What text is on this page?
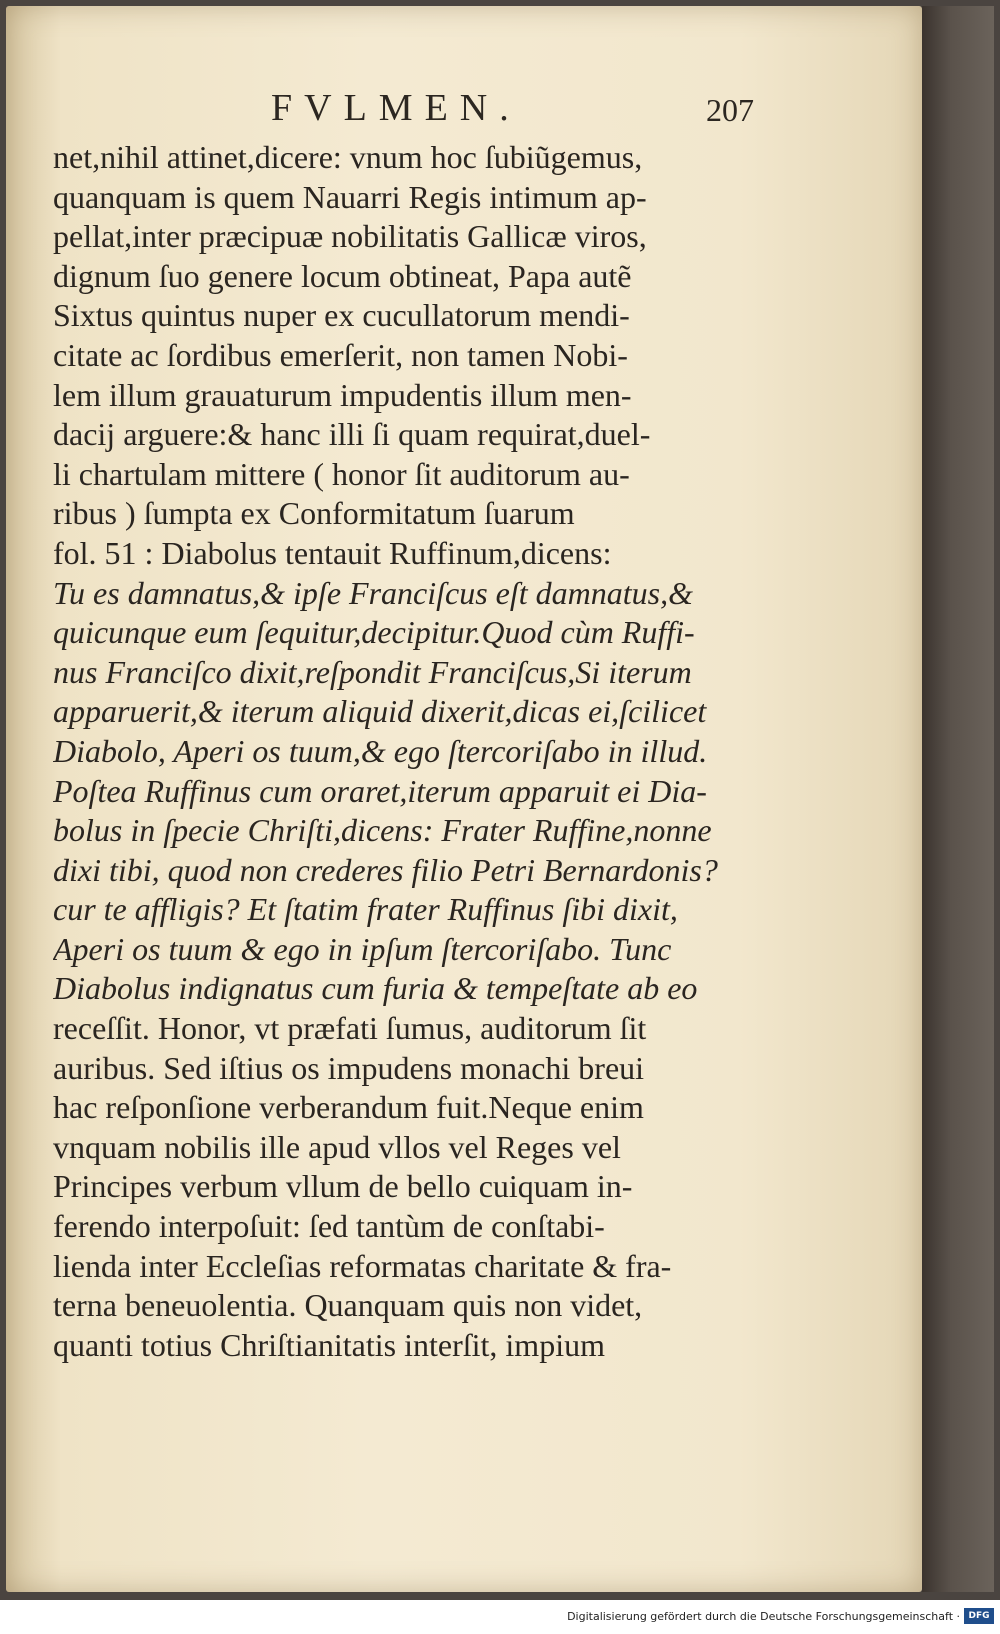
FVLMEN.	207
net,nihil attinet,dicere: vnum hoc ſubiũgemus,
quanquam is quem Nauarri Regis intimum ap-
pellat,inter præcipuæ nobilitatis Gallicæ viros,
dignum ſuo genere locum obtineat, Papa autẽ
Sixtus quintus nuper ex cucullatorum mendi-
citate ac ſordibus emerſerit, non tamen Nobi-
lem illum grauaturum impudentis illum men-
dacij arguere:& hanc illi ſi quam requirat,duel-
li chartulam mittere ( honor ſit auditorum au-
ribus ) ſumpta ex Conformitatum ſuarum
fol. 51 : Diabolus tentauit Ruffinum,dicens:
Tu es damnatus,& ipſe Franciſcus eſt damnatus,&
quicunque eum ſequitur,decipitur.Quod cùm Ruffi-
nus Franciſco dixit,reſpondit Franciſcus,Si iterum
apparuerit,& iterum aliquid dixerit,dicas ei,ſcilicet
Diabolo, Aperi os tuum,& ego ſtercoriſabo in illud.
Poſtea Ruffinus cum oraret,iterum apparuit ei Dia-
bolus in ſpecie Chriſti,dicens: Frater Ruffine,nonne
dixi tibi, quod non crederes filio Petri Bernardonis?
cur te affligis? Et ſtatim frater Ruffinus ſibi dixit,
Aperi os tuum & ego in ipſum ſtercoriſabo. Tunc
Diabolus indignatus cum furia & tempeſtate ab eo
receſſit. Honor, vt præfati ſumus, auditorum ſit
auribus. Sed iſtius os impudens monachi breui
hac reſponſione verberandum fuit.Neque enim
vnquam nobilis ille apud vllos vel Reges vel
Principes verbum vllum de bello cuiquam in-
ferendo interpoſuit: ſed tantùm de conſtabi-
lienda inter Eccleſias reformatas charitate & fra-
terna beneuolentia. Quanquam quis non videt,
quanti totius Chriſtianitatis interſit, impium
Digitalisierung gefördert durch die Deutsche Forschungsgemeinschaft · DFG
